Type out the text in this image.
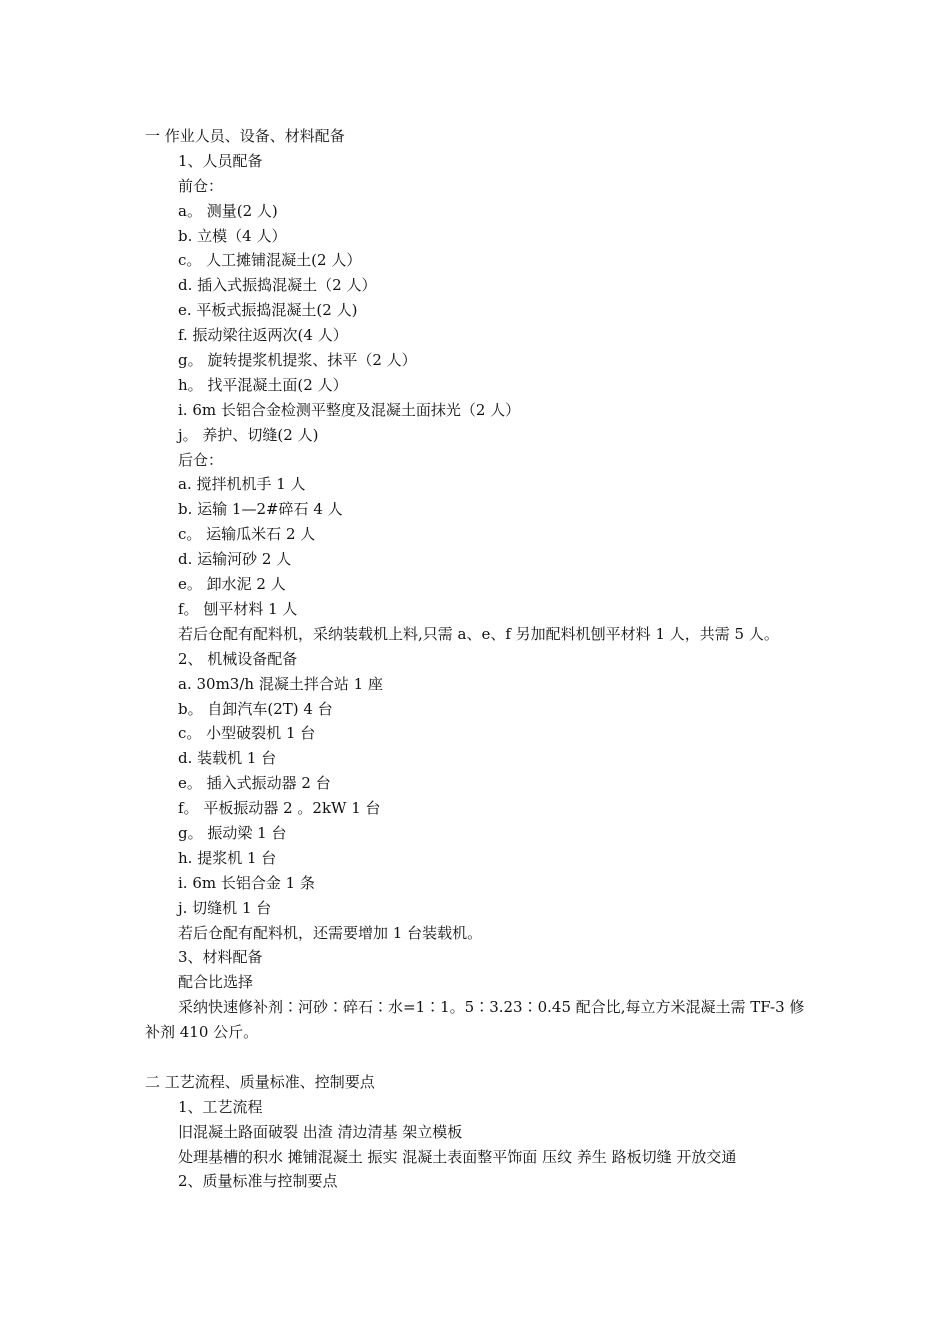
一 作业人员、设备、材料配备
1、人员配备
前仓：
a。 测量(2 人)
b. 立模（4 人）
c。 人工摊铺混凝土(2 人）
d. 插入式振捣混凝土（2 人）
e. 平板式振捣混凝土(2 人)
f. 振动梁往返两次(4 人）
g。 旋转提浆机提浆、抹平（2 人）
h。 找平混凝土面(2 人）
i. 6m 长铝合金检测平整度及混凝土面抹光（2 人）
j。 养护、切缝(2 人)
后仓：
a. 搅拌机机手 1 人
b. 运输 1—2#碎石 4 人
c。 运输瓜米石 2 人
d. 运输河砂 2 人
e。 卸水泥 2 人
f。 刨平材料 1 人
若后仓配有配料机，采纳装载机上料,只需 a、e、f 另加配料机刨平材料 1 人，共需 5 人。
2、 机械设备配备
a. 30m3/h 混凝土拌合站 1 座
b。 自卸汽车(2T) 4 台
c。 小型破裂机 1 台
d. 装载机 1 台
e。 插入式振动器 2 台
f。 平板振动器 2 。2kW 1 台
g。 振动梁 1 台
h. 提浆机 1 台
i. 6m 长铝合金 1 条
j. 切缝机 1 台
若后仓配有配料机，还需要增加 1 台装载机。
3、材料配备
配合比选择
采纳快速修补剂∶河砂∶碎石∶水=1∶1。5∶3.23∶0.45 配合比,每立方米混凝土需 TF-3 修补剂 410 公斤。
二 工艺流程、质量标准、控制要点
1、工艺流程
旧混凝土路面破裂 出渣 清边清基 架立模板
处理基槽的积水 摊铺混凝土 振实 混凝土表面整平饰面 压纹 养生 路板切缝 开放交通
2、质量标准与控制要点
